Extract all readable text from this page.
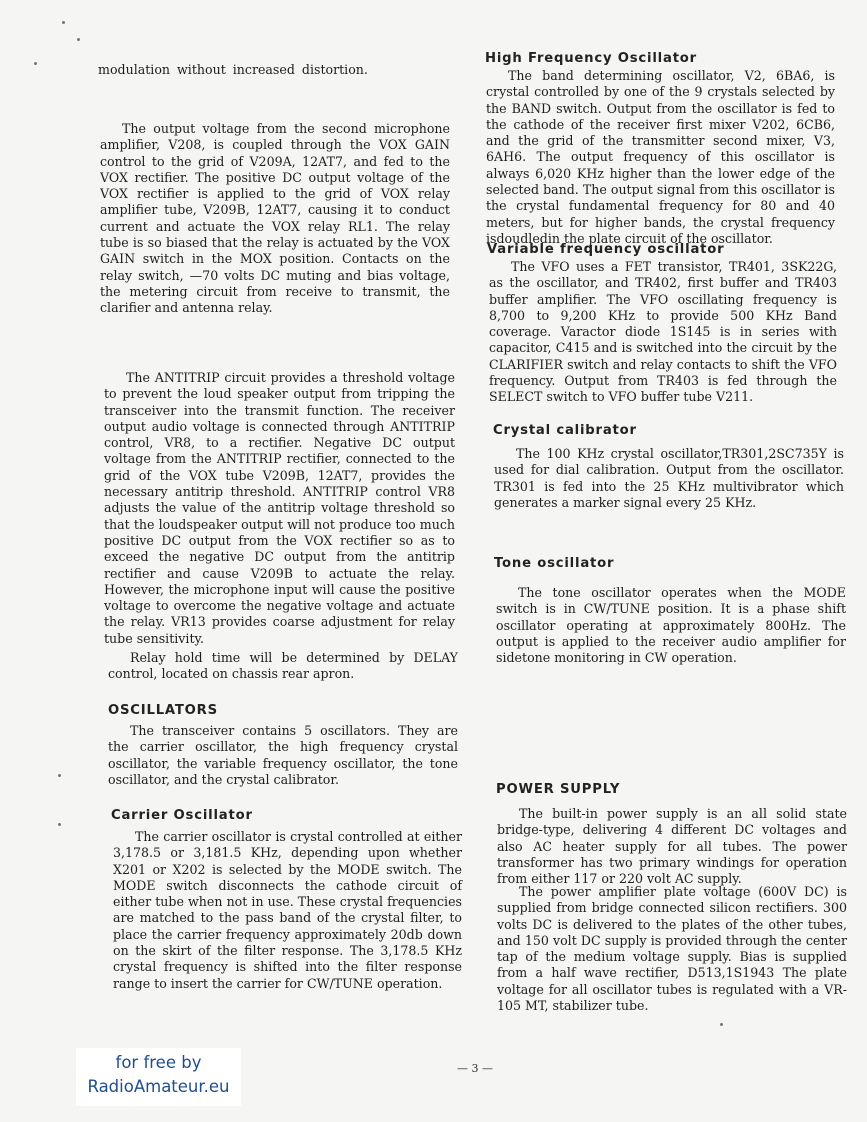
modulation without increased distortion.

The output voltage from the second microphone amplifier, V208, is coupled through the VOX GAIN control to the grid of V209A, 12AT7, and fed to the VOX rectifier. The positive DC output voltage of the VOX rectifier is applied to the grid of VOX relay amplifier tube, V209B, 12AT7, causing it to conduct current and actuate the VOX relay RL1. The relay tube is so biased that the relay is actuated by the VOX GAIN switch in the MOX position. Contacts on the relay switch, —70 volts DC muting and bias voltage, the metering circuit from receive to transmit, the clarifier and antenna relay.

The ANTITRIP circuit provides a threshold voltage to prevent the loud speaker output from tripping the transceiver into the transmit function. The receiver output audio voltage is connected through ANTITRIP control, VR8, to a rectifier. Negative DC output voltage from the ANTITRIP rectifier, connected to the grid of the VOX tube V209B, 12AT7, provides the necessary antitrip threshold. ANTITRIP control VR8 adjusts the value of the antitrip voltage threshold so that the loudspeaker output will not produce too much positive DC output from the VOX rectifier so as to exceed the negative DC output from the antitrip rectifier and cause V209B to actuate the relay. However, the microphone input will cause the positive voltage to overcome the negative voltage and actuate the relay. VR13 provides coarse adjustment for relay tube sensitivity.

Relay hold time will be determined by DELAY control, located on chassis rear apron.

OSCILLATORS

The transceiver contains 5 oscillators. They are the carrier oscillator, the high frequency crystal oscillator, the variable frequency oscillator, the tone oscillator, and the crystal calibrator.

Carrier Oscillator

The carrier oscillator is crystal controlled at either 3,178.5 or 3,181.5 KHz, depending upon whether X201 or X202 is selected by the MODE switch. The MODE switch disconnects the cathode circuit of either tube when not in use. These crystal frequencies are matched to the pass band of the crystal filter, to place the carrier frequency approximately 20db down on the skirt of the filter response. The 3,178.5 KHz crystal frequency is shifted into the filter response range to insert the carrier for CW/TUNE operation.

High Frequency Oscillator

The band determining oscillator, V2, 6BA6, is crystal controlled by one of the 9 crystals selected by the BAND switch. Output from the oscillator is fed to the cathode of the receiver first mixer V202, 6CB6, and the grid of the transmitter second mixer, V3, 6AH6. The output frequency of this oscillator is always 6,020 KHz higher than the lower edge of the selected band. The output signal from this oscillator is the crystal fundamental frequency for 80 and 40 meters, but for higher bands, the crystal frequency isdoudledin the plate circuit of the oscillator.

Variable frequency oscillator

The VFO uses a FET transistor, TR401, 3SK22G, as the oscillator, and TR402, first buffer and TR403 buffer amplifier. The VFO oscillating frequency is 8,700 to 9,200 KHz to provide 500 KHz Band coverage. Varactor diode 1S145 is in series with capacitor, C415 and is switched into the circuit by the CLARIFIER switch and relay contacts to shift the VFO frequency. Output from TR403 is fed through the SELECT switch to VFO buffer tube V211.

Crystal calibrator

The 100 KHz crystal oscillator,TR301,2SC735Y is used for dial calibration. Output from the oscillator. TR301 is fed into the 25 KHz multivibrator which generates a marker signal every 25 KHz.

Tone oscillator

The tone oscillator operates when the MODE switch is in CW/TUNE position. It is a phase shift oscillator operating at approximately 800Hz. The output is applied to the receiver audio amplifier for sidetone monitoring in CW operation.

POWER SUPPLY

The built-in power supply is an all solid state bridge-type, delivering 4 different DC voltages and also AC heater supply for all tubes. The power transformer has two primary windings for operation from either 117 or 220 volt AC supply.

The power amplifier plate voltage (600V DC) is supplied from bridge connected silicon rectifiers. 300 volts DC is delivered to the plates of the other tubes, and 150 volt DC supply is provided through the center tap of the medium voltage supply. Bias is supplied from a half wave rectifier, D513,1S1943 The plate voltage for all oscillator tubes is regulated with a VR-105 MT, stabilizer tube.

— 3 —
for free by
RadioAmateur.eu
